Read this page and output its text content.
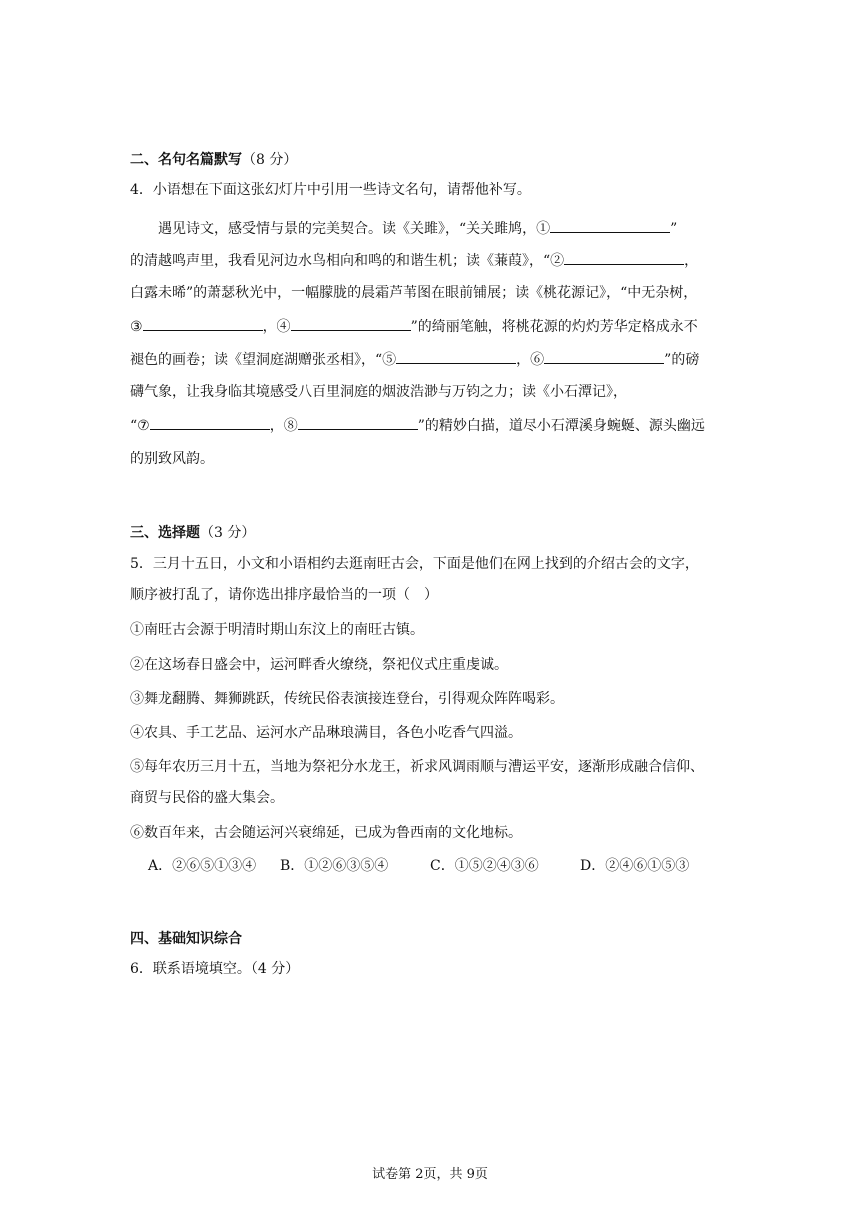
二、名句名篇默写（8 分）
4．小语想在下面这张幻灯片中引用一些诗文名句，请帮他补写。
遇见诗文，感受情与景的完美契合。读《关雎》，“关关雎鸠，①	”
的清越鸣声里，我看见河边水鸟相向和鸣的和谐生机；读《蒹葭》，“②	，
白露未晞”的萧瑟秋光中，一幅朦胧的晨霜芦苇图在眼前铺展；读《桃花源记》，“中无杂树，
③	，④	”的绮丽笔触，将桃花源的灼灼芳华定格成永不
褪色的画卷；读《望洞庭湖赠张丞相》，“⑤	，⑥	”的磅
礴气象，让我身临其境感受八百里洞庭的烟波浩渺与万钧之力；读《小石潭记》，
“⑦	，⑧	”的精妙白描，道尽小石潭溪身蜿蜒、源头幽远
的别致风韵。
三、选择题（3 分）
5．三月十五日，小文和小语相约去逛南旺古会，下面是他们在网上找到的介绍古会的文字，
顺序被打乱了，请你选出排序最恰当的一项（　）
①南旺古会源于明清时期山东汶上的南旺古镇。
②在这场春日盛会中，运河畔香火缭绕，祭祀仪式庄重虔诚。
③舞龙翻腾、舞狮跳跃，传统民俗表演接连登台，引得观众阵阵喝彩。
④农具、手工艺品、运河水产品琳琅满目，各色小吃香气四溢。
⑤每年农历三月十五，当地为祭祀分水龙王，祈求风调雨顺与漕运平安，逐渐形成融合信仰、
商贸与民俗的盛大集会。
⑥数百年来，古会随运河兴衰绵延，已成为鲁西南的文化地标。
A．②⑥⑤①③④ B．①②⑥③⑤④	C．①⑤②④③⑥	D．②④⑥①⑤③
四、基础知识综合
6．联系语境填空。（4 分）
试卷第 2页，共 9页
